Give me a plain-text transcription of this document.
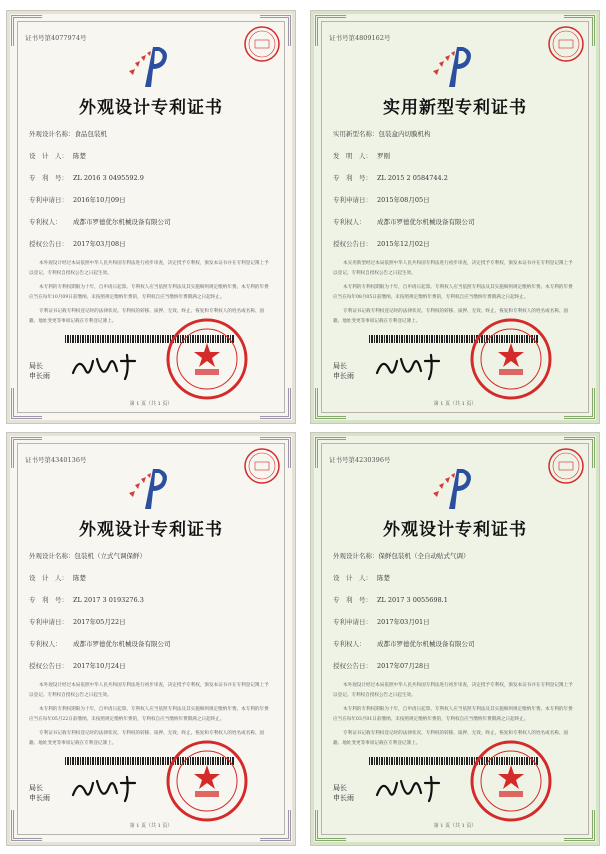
证书号第4077974号
外观设计专利证书
外观设计名称：食品包装机
设　计　人： 陈楚
专　利　号： ZL 2016 3 0495592.9
专利申请日： 2016年10月09日
专利权人： 成都市罗德优尔机械设备有限公司
授权公告日： 2017年03月08日

本外观设计经过本局依照中华人民共和国专利法进行初步审查，决定授予专利权，颁发本证书并在专利登记簿上予以登记。专利权自授权公告之日起生效。

本专利的专利权期限为十年，自申请日起算。专利权人应当依照专利法及其实施细则规定缴纳年费。本专利的年费应当在每年10月09日前缴纳。未按照规定缴纳年费的，专利权自应当缴纳年费期满之日起终止。

专利证书记载专利权登记时的法律状况。专利权的转移、质押、无效、终止、恢复和专利权人的姓名或名称、国籍、地址变更等事项记载在专利登记簿上。

局长
申长雨
第 1 页（共 1 页）
证书号第4809162号
实用新型专利证书
实用新型名称：包装盒内切膜机构
发　明　人： 罗刚
专　利　号： ZL 2015 2 0584744.2
专利申请日： 2015年08月05日
专利权人： 成都市罗德优尔机械设备有限公司
授权公告日： 2015年12月02日

本实用新型经过本局依照中华人民共和国专利法进行初步审查，决定授予专利权，颁发本证书并在专利登记簿上予以登记。专利权自授权公告之日起生效。

本专利的专利权期限为十年，自申请日起算。专利权人应当依照专利法及其实施细则规定缴纳年费。本专利的年费应当在每年08月05日前缴纳。未按照规定缴纳年费的，专利权自应当缴纳年费期满之日起终止。

专利证书记载专利权登记时的法律状况。专利权的转移、质押、无效、终止、恢复和专利权人的姓名或名称、国籍、地址变更等事项记载在专利登记簿上。

局长
申长雨
第 1 页（共 1 页）
证书号第4340136号
外观设计专利证书
外观设计名称：包装机（立式气调保鲜）
设　计　人： 陈楚
专　利　号： ZL 2017 3 0193276.3
专利申请日： 2017年05月22日
专利权人： 成都市罗德优尔机械设备有限公司
授权公告日： 2017年10月24日

本外观设计经过本局依照中华人民共和国专利法进行初步审查，决定授予专利权，颁发本证书并在专利登记簿上予以登记。专利权自授权公告之日起生效。

本专利的专利权期限为十年，自申请日起算。专利权人应当依照专利法及其实施细则规定缴纳年费。本专利的年费应当在每年05月22日前缴纳。未按照规定缴纳年费的，专利权自应当缴纳年费期满之日起终止。

专利证书记载专利权登记时的法律状况。专利权的转移、质押、无效、终止、恢复和专利权人的姓名或名称、国籍、地址变更等事项记载在专利登记簿上。

局长
申长雨
第 1 页（共 1 页）
证书号第4230396号
外观设计专利证书
外观设计名称：保鲜包装机（全自动贴式气调）
设　计　人： 陈楚
专　利　号： ZL 2017 3 0055698.1
专利申请日： 2017年03月01日
专利权人： 成都市罗德优尔机械设备有限公司
授权公告日： 2017年07月28日

本外观设计经过本局依照中华人民共和国专利法进行初步审查，决定授予专利权，颁发本证书并在专利登记簿上予以登记。专利权自授权公告之日起生效。

本专利的专利权期限为十年，自申请日起算。专利权人应当依照专利法及其实施细则规定缴纳年费。本专利的年费应当在每年03月01日前缴纳。未按照规定缴纳年费的，专利权自应当缴纳年费期满之日起终止。

专利证书记载专利权登记时的法律状况。专利权的转移、质押、无效、终止、恢复和专利权人的姓名或名称、国籍、地址变更等事项记载在专利登记簿上。

局长
申长雨
第 1 页（共 1 页）
